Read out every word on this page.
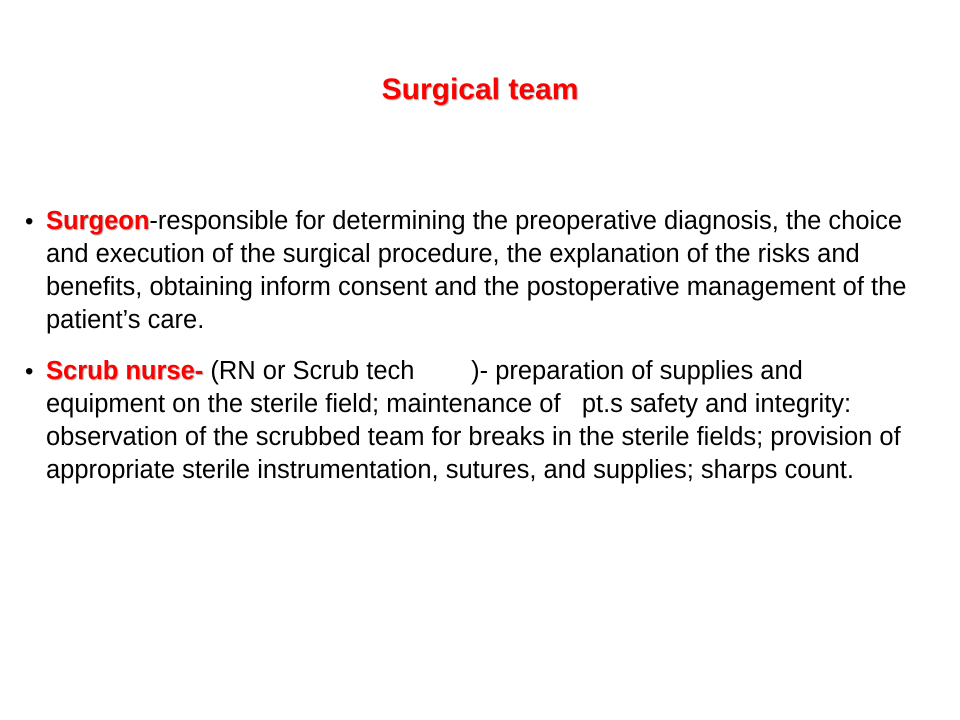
Surgical team
• Surgeon-responsible for determining the preoperative diagnosis, the choice and execution of the surgical procedure, the explanation of the risks and benefits, obtaining inform consent and the postoperative management of the patient’s care.
• Scrub nurse- (RN or Scrub tech        )- preparation of supplies and equipment on the sterile field; maintenance of   pt.s safety and integrity: observation of the scrubbed team for breaks in the sterile fields; provision of appropriate sterile instrumentation, sutures, and supplies; sharps count.
